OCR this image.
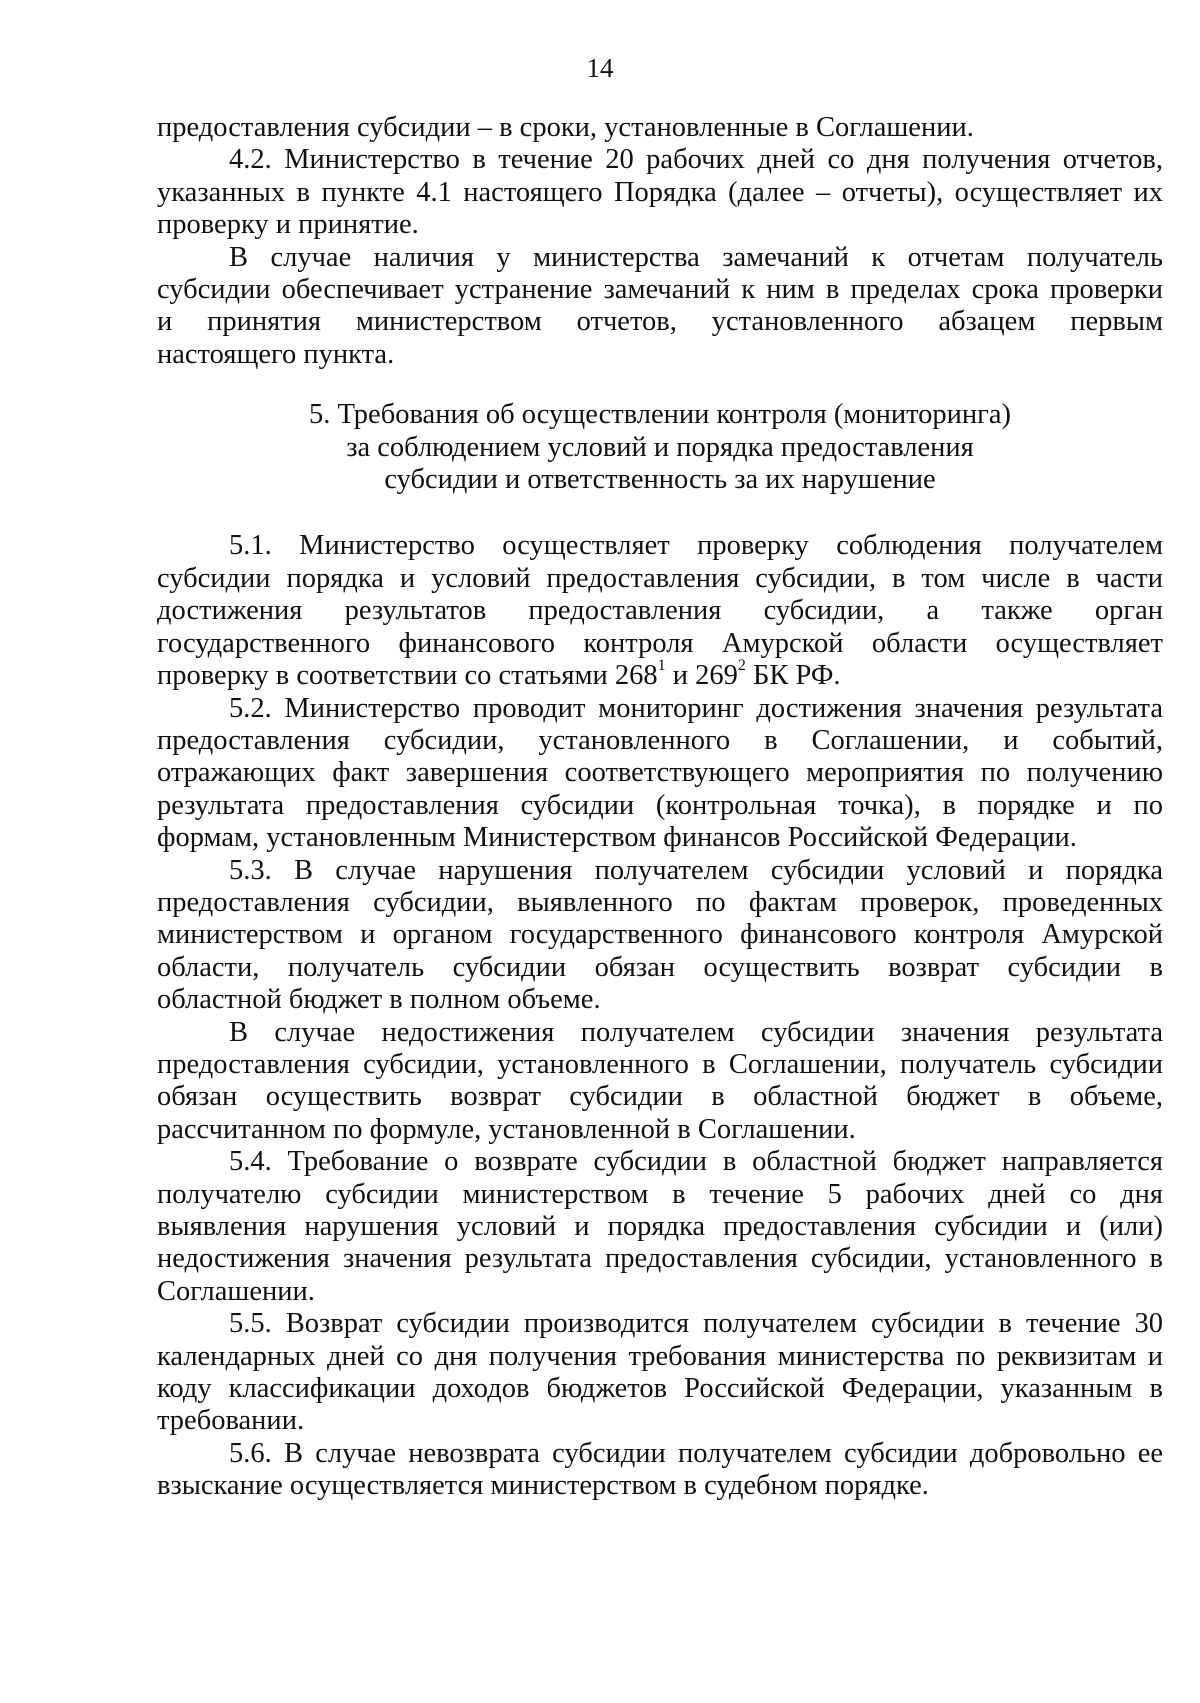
14
предоставления субсидии – в сроки, установленные в Соглашении.
4.2. Министерство в течение 20 рабочих дней со дня получения отчетов,
указанных в пункте 4.1 настоящего Порядка (далее – отчеты), осуществляет их
проверку и принятие.
В случае наличия у министерства замечаний к отчетам получатель
субсидии обеспечивает устранение замечаний к ним в пределах срока проверки
и принятия министерством отчетов, установленного абзацем первым
настоящего пункта.
5. Требования об осуществлении контроля (мониторинга)
за соблюдением условий и порядка предоставления
субсидии и ответственность за их нарушение
5.1. Министерство осуществляет проверку соблюдения получателем
субсидии порядка и условий предоставления субсидии, в том числе в части
достижения результатов предоставления субсидии, а также орган
государственного финансового контроля Амурской области осуществляет
проверку в соответствии со статьями $268^1$ и $269^2$ БК РФ.
5.2. Министерство проводит мониторинг достижения значения результата
предоставления субсидии, установленного в Соглашении, и событий,
отражающих факт завершения соответствующего мероприятия по получению
результата предоставления субсидии (контрольная точка), в порядке и по
формам, установленным Министерством финансов Российской Федерации.
5.3. В случае нарушения получателем субсидии условий и порядка
предоставления субсидии, выявленного по фактам проверок, проведенных
министерством и органом государственного финансового контроля Амурской
области, получатель субсидии обязан осуществить возврат субсидии в
областной бюджет в полном объеме.
В случае недостижения получателем субсидии значения результата
предоставления субсидии, установленного в Соглашении, получатель субсидии
обязан осуществить возврат субсидии в областной бюджет в объеме,
рассчитанном по формуле, установленной в Соглашении.
5.4. Требование о возврате субсидии в областной бюджет направляется
получателю субсидии министерством в течение 5 рабочих дней со дня
выявления нарушения условий и порядка предоставления субсидии и (или)
недостижения значения результата предоставления субсидии, установленного в
Соглашении.
5.5. Возврат субсидии производится получателем субсидии в течение 30
календарных дней со дня получения требования министерства по реквизитам и
коду классификации доходов бюджетов Российской Федерации, указанным в
требовании.
5.6. В случае невозврата субсидии получателем субсидии добровольно ее
взыскание осуществляется министерством в судебном порядке.
